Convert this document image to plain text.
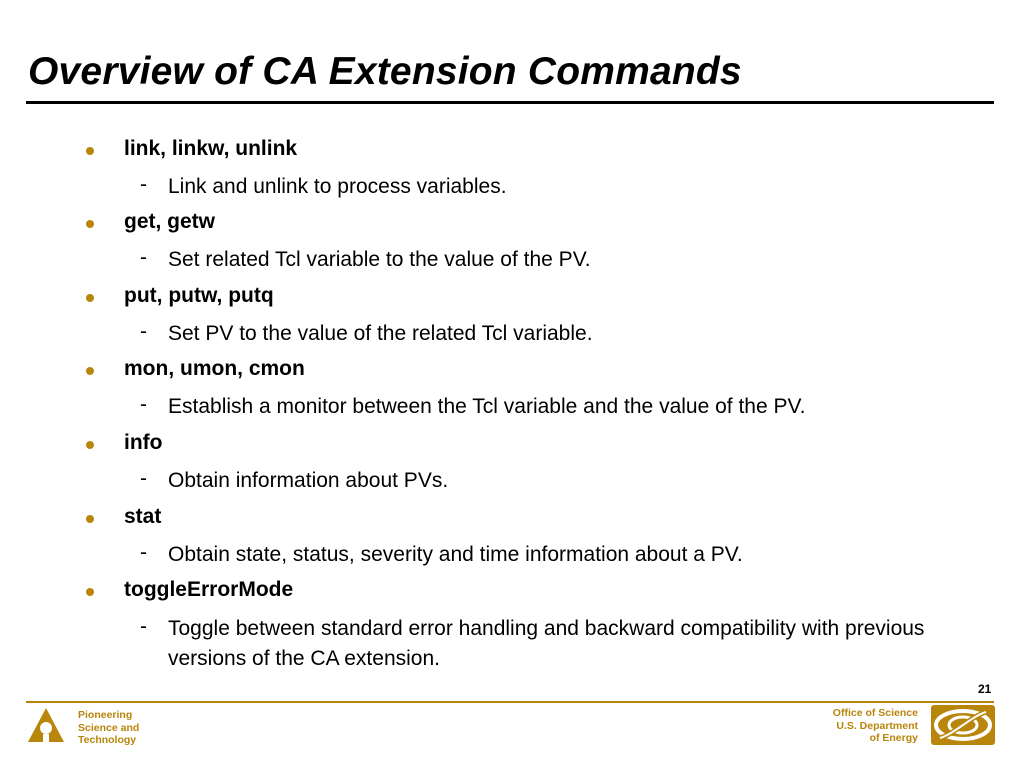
Overview of CA Extension Commands
link, linkw, unlink
- Link and unlink to process variables.
get, getw
- Set related Tcl variable to the value of the PV.
put, putw, putq
- Set PV to the value of the related Tcl variable.
mon, umon, cmon
- Establish a monitor between the Tcl variable and the value of the PV.
info
- Obtain information about PVs.
stat
- Obtain state, status, severity and time information about a PV.
toggleErrorMode
- Toggle between standard error handling and backward compatibility with previous versions of the CA extension.
21
Pioneering
Science and
Technology
Office of Science
U.S. Department
of Energy
